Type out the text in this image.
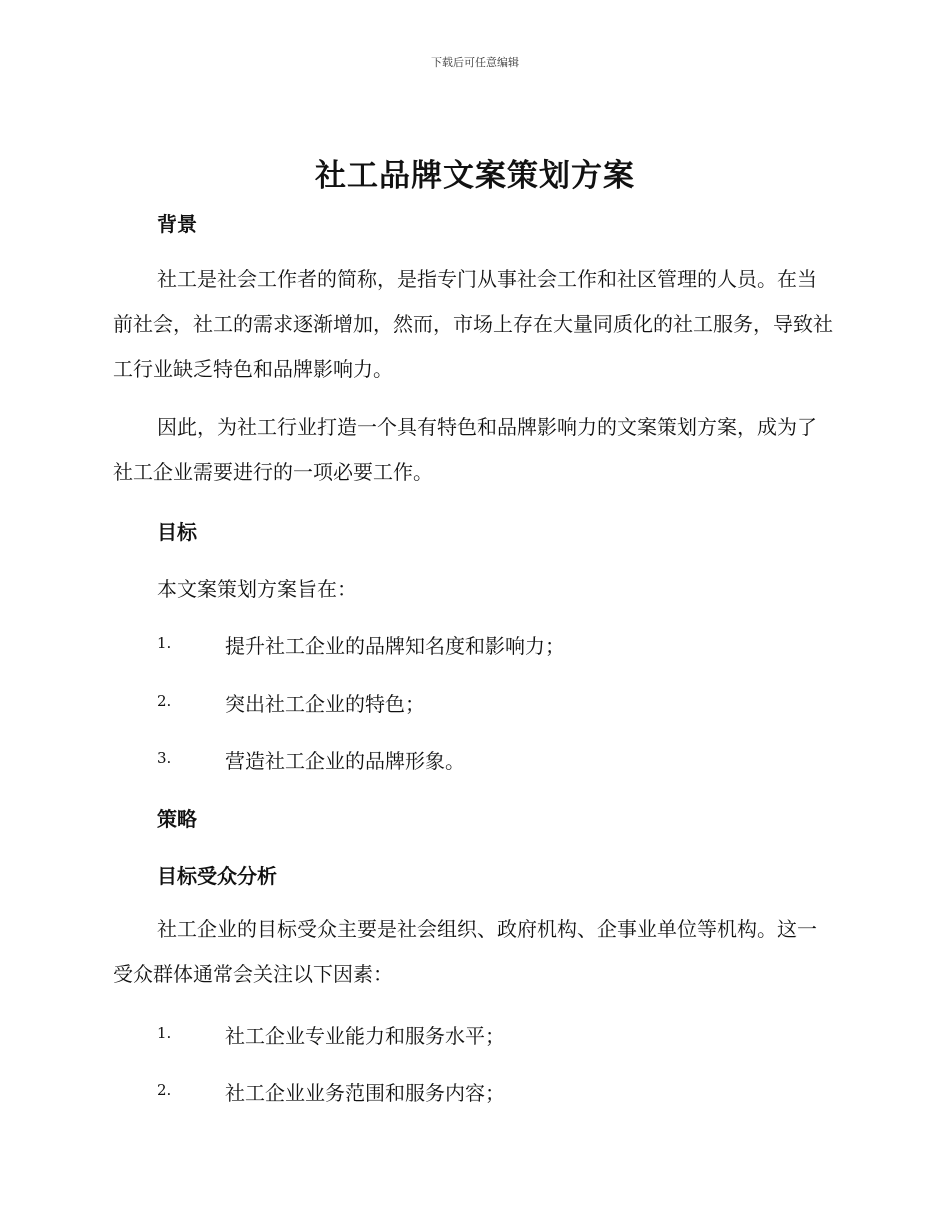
下载后可任意编辑
社工品牌文案策划方案
背景
社工是社会工作者的简称，是指专门从事社会工作和社区管理的人员。在当前社会，社工的需求逐渐增加，然而，市场上存在大量同质化的社工服务，导致社工行业缺乏特色和品牌影响力。
因此，为社工行业打造一个具有特色和品牌影响力的文案策划方案，成为了社工企业需要进行的一项必要工作。
目标
本文案策划方案旨在：
1.	提升社工企业的品牌知名度和影响力；
2.	突出社工企业的特色；
3.	营造社工企业的品牌形象。
策略
目标受众分析
社工企业的目标受众主要是社会组织、政府机构、企事业单位等机构。这一受众群体通常会关注以下因素：
1.	社工企业专业能力和服务水平；
2.	社工企业业务范围和服务内容；
